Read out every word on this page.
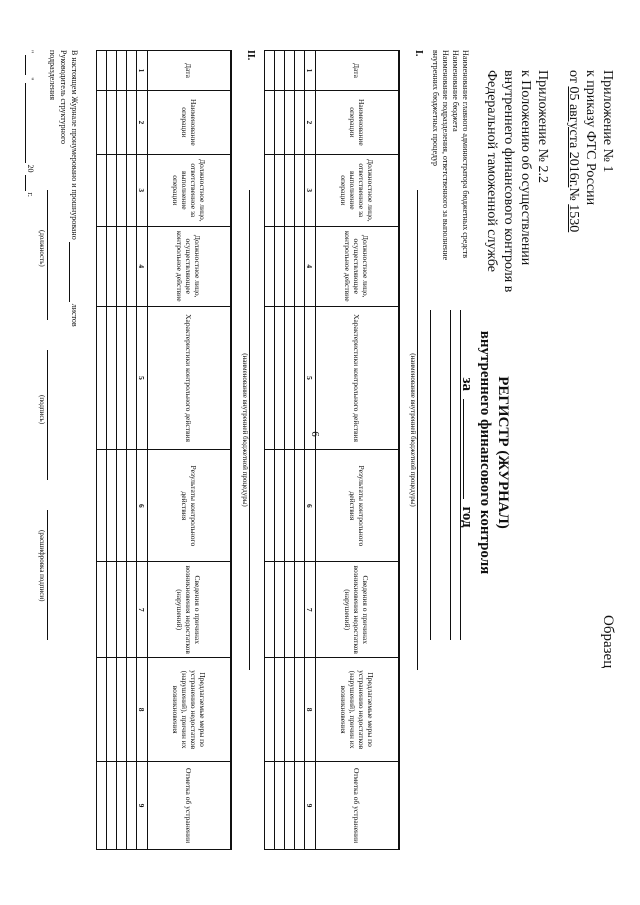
6
Приложение № 1
к приказу ФТС России
от 05 августа 2016г.№ 1530
Приложение № 2.2
к Положению об осуществлении
внутреннего финансового контроля в
Федеральной таможенной службе
Образец
РЕГИСТР (ЖУРНАЛ)
внутреннего финансового контроля
за  год
Наименование главного администратора бюджетных средств
Наименование бюджета
Наименование подразделения, ответственного за выполнение
внутренних бюджетных процедур
I.
(наименование внутренней бюджетной процедуры)
Дата	Наименование операции	Должностное лицо, ответственное за выполнение операции	Должностное лицо, осуществляющее контрольное действие	Характеристики контрольного действия	Результаты контрольного действия	Сведения о причинах возникновения недостатков (нарушений)	Предлагаемые меры по устранению недостатков (нарушений), причин их возникновения	Отметка об устранении
1	2	3	4	5	6	7	8	9

II.
(наименование внутренней бюджетной процедуры)
Дата	Наименование операции	Должностное лицо, ответственное за выполнение операции	Должностное лицо, осуществляющее контрольное действие	Характеристики контрольного действия	Результаты контрольного действия	Сведения о причинах возникновения недостатков (нарушений)	Предлагаемые меры по устранению недостатков (нарушений), причин их возникновения	Отметка об устранении
1	2	3	4	5	6	7	8	9

В настоящем Журнале пронумеровано и прошнуровано  листов
Руководитель структурного
подразделения
(должность)
(подпись)
(расшифровка подписи)
"  "  20  г.
